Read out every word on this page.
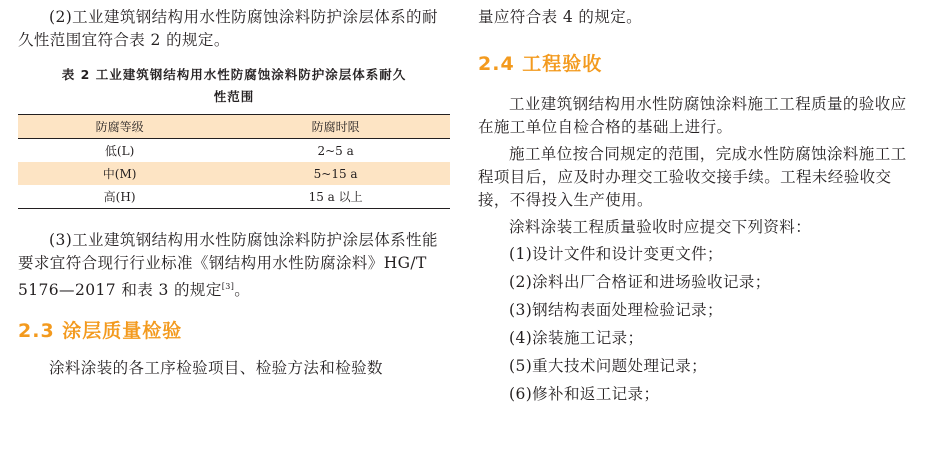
(2)工业建筑钢结构用水性防腐蚀涂料防护涂层体系的耐久性范围宜符合表 2 的规定。

表 2 工业建筑钢结构用水性防腐蚀涂料防护涂层体系耐久
性范围

防腐等级	防腐时限
低(L)	2~5 a
中(M)	5~15 a
高(H)	15 a 以上

(3)工业建筑钢结构用水性防腐蚀涂料防护涂层体系性能要求宜符合现行行业标准《钢结构用水性防腐涂料》HG/T 5176—2017 和表 3 的规定[3]。

2.3 涂层质量检验

涂料涂装的各工序检验项目、检验方法和检验数

量应符合表 4 的规定。

2.4 工程验收

工业建筑钢结构用水性防腐蚀涂料施工工程质量的验收应在施工单位自检合格的基础上进行。

施工单位按合同规定的范围，完成水性防腐蚀涂料施工工程项目后，应及时办理交工验收交接手续。工程未经验收交接，不得投入生产使用。

涂料涂装工程质量验收时应提交下列资料：

(1)设计文件和设计变更文件；

(2)涂料出厂合格证和进场验收记录；

(3)钢结构表面处理检验记录；

(4)涂装施工记录；

(5)重大技术问题处理记录；

(6)修补和返工记录；
